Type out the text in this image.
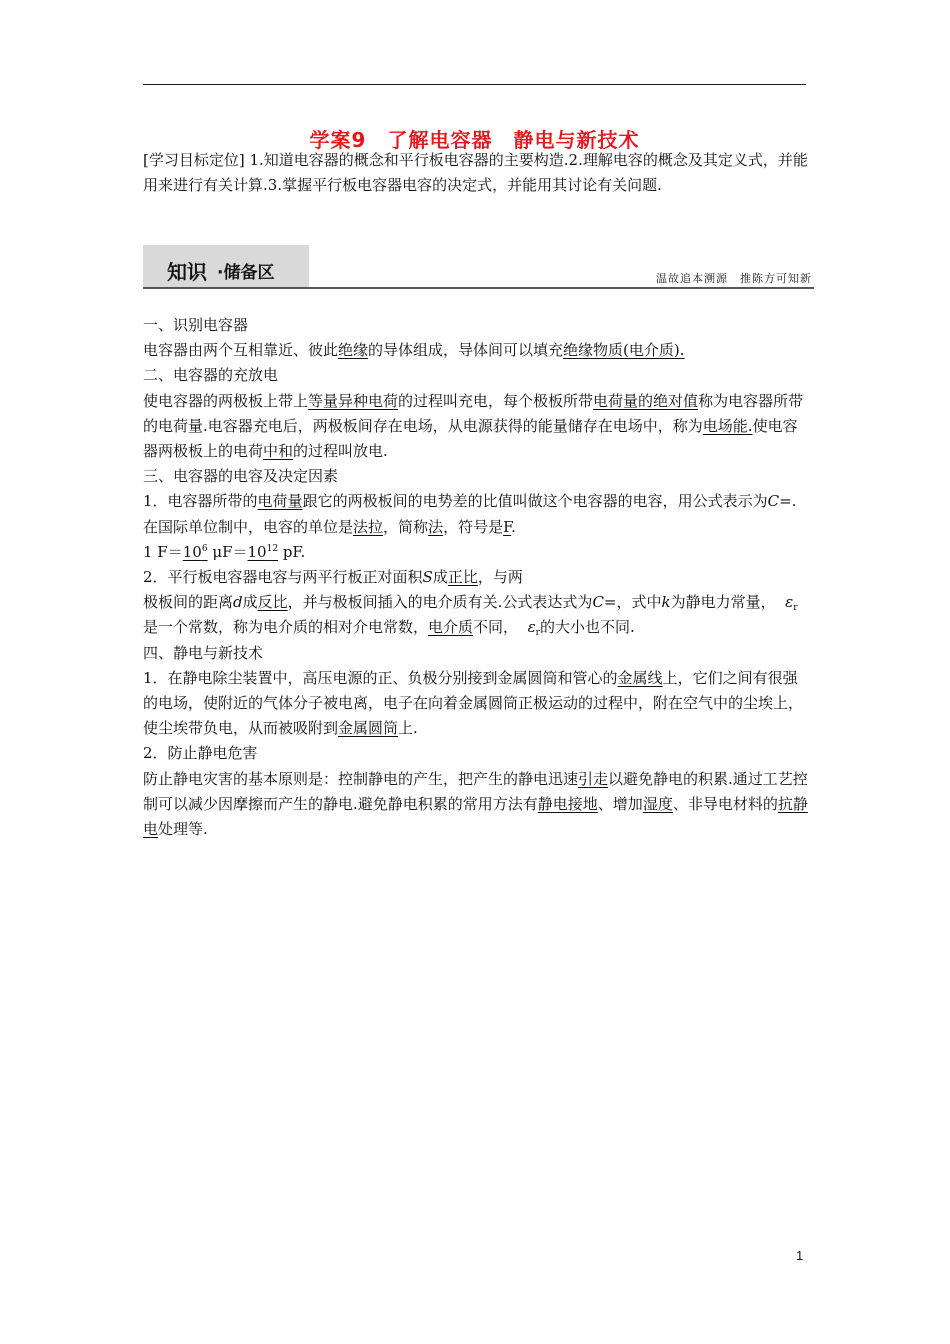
学案9　了解电容器　静电与新技术
[学习目标定位] 1.知道电容器的概念和平行板电容器的主要构造.2.理解电容的概念及其定义式，并能用来进行有关计算.3.掌握平行板电容器电容的决定式，并能用其讨论有关问题.
知识 ·储备区	温故追本溯源　推陈方可知新

一、识别电容器

电容器由两个互相靠近、彼此绝缘的导体组成，导体间可以填充绝缘物质(电介质).

二、电容器的充放电

使电容器的两极板上带上等量异种电荷的过程叫充电，每个极板所带电荷量的绝对值称为电容器所带的电荷量.电容器充电后，两极板间存在电场，从电源获得的能量储存在电场中，称为电场能.使电容器两极板上的电荷中和的过程叫放电.

三、电容器的电容及决定因素

1．电容器所带的电荷量跟它的两极板间的电势差的比值叫做这个电容器的电容，用公式表示为C=.在国际单位制中，电容的单位是法拉，简称法，符号是F.

1 $F=10^6$ $\mu F=10^{12}$ pF.

2．平行板电容器电容与两平行板正对面积S成正比，与两

极板间的距离d成反比，并与极板间插入的电介质有关.公式表达式为C=，式中k为静电力常量， $\varepsilon_r$是一个常数，称为电介质的相对介电常数，电介质不同， $\varepsilon_r$的大小也不同.

四、静电与新技术

1．在静电除尘装置中，高压电源的正、负极分别接到金属圆筒和管心的金属线上，它们之间有很强的电场，使附近的气体分子被电离，电子在向着金属圆筒正极运动的过程中，附在空气中的尘埃上，使尘埃带负电，从而被吸附到金属圆筒上.

2．防止静电危害

防止静电灾害的基本原则是：控制静电的产生，把产生的静电迅速引走以避免静电的积累.通过工艺控制可以减少因摩擦而产生的静电.避免静电积累的常用方法有静电接地、增加湿度、非导电材料的抗静电处理等.

1
